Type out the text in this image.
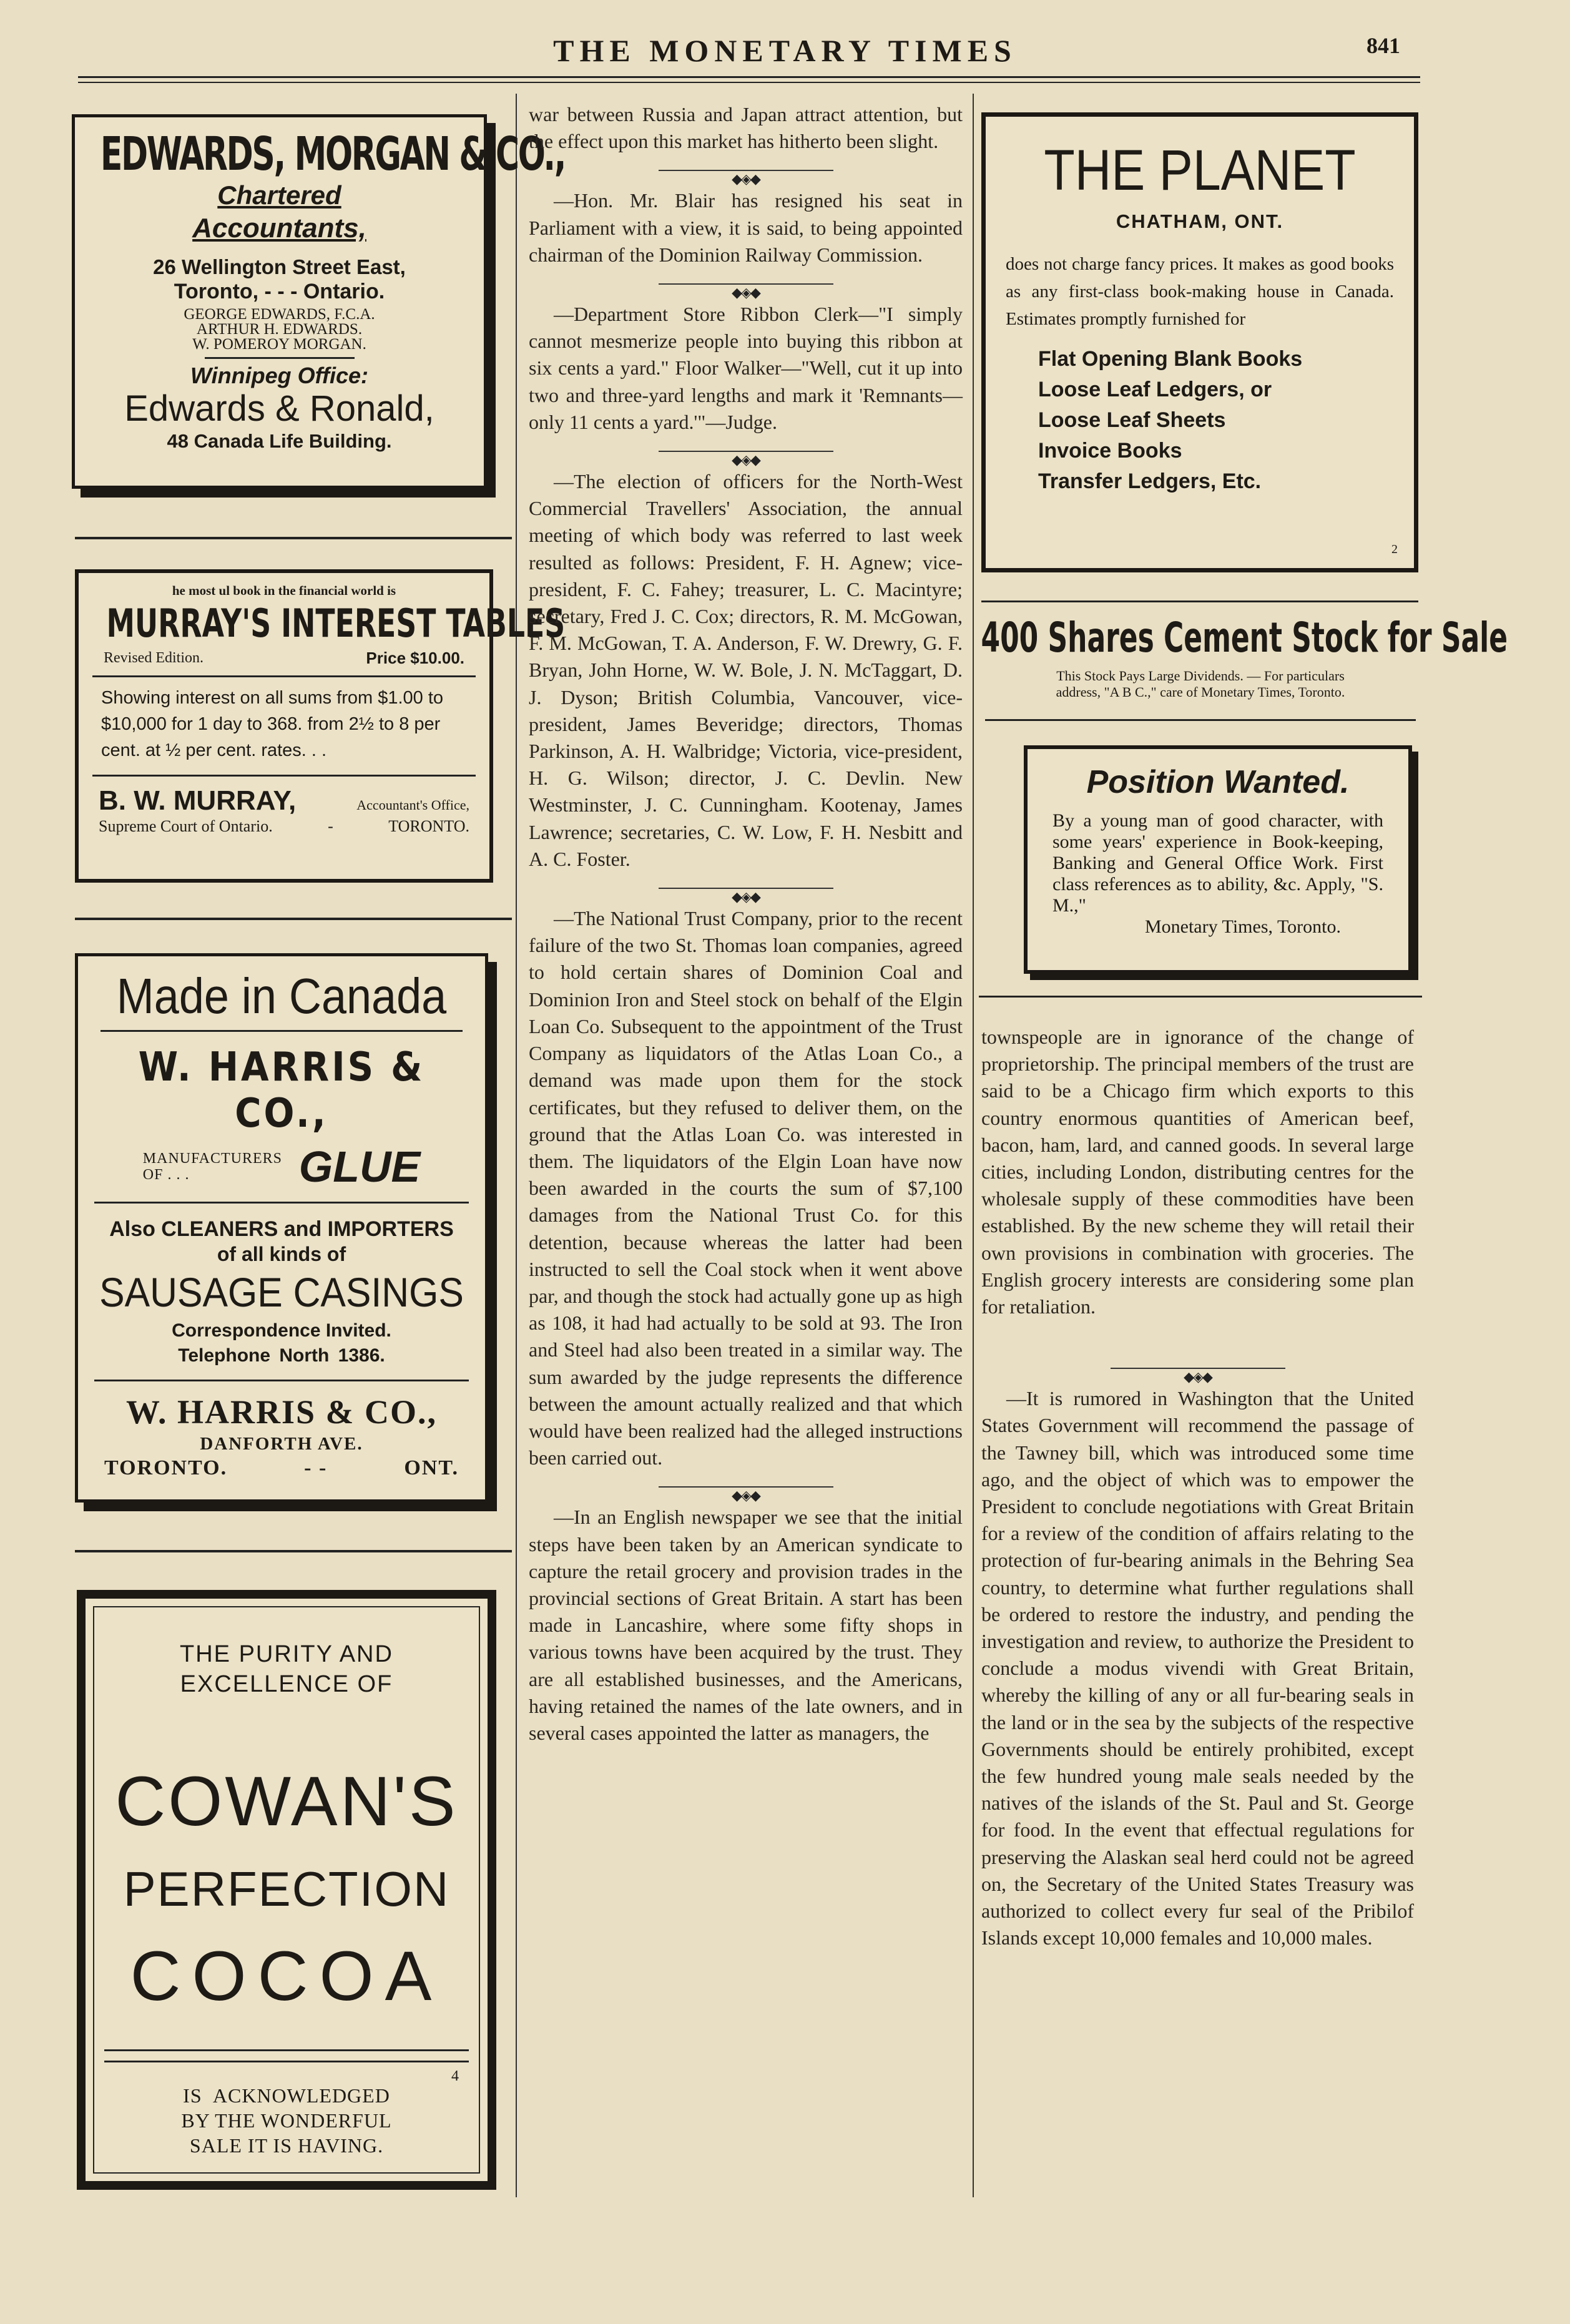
THE MONETARY TIMES	841
EDWARDS, MORGAN & CO.,
Chartered
Accountants,
26 Wellington Street East,
Toronto, - - - Ontario.
GEORGE EDWARDS, F.C.A.
ARTHUR H. EDWARDS.
W. POMEROY MORGAN.
Winnipeg Office:
Edwards & Ronald,
48 Canada Life Building.
he most ul book in the financial world is
MURRAY'S INTEREST TABLES
Revised Edition.	Price $10.00.
Showing interest on all sums from $1.00 to $10,000 for 1 day to 368. from 2½ to 8 per cent. at ½ per cent. rates. . .
B. W. MURRAY,	Accountant's Office,
Supreme Court of Ontario.	-	TORONTO.
Made in Canada
W. HARRIS & CO.,
MANUFACTURERS OF . . .	GLUE
Also CLEANERS and IMPORTERS
of all kinds of
SAUSAGE CASINGS
Correspondence Invited.
Telephone North 1386.
W. HARRIS & CO.,
DANFORTH AVE.
TORONTO.	- -	ONT.
THE PURITY AND
EXCELLENCE OF
COWAN'S
PERFECTION
COCOA
4
IS ACKNOWLEDGED
BY THE WONDERFUL
SALE IT IS HAVING.

war between Russia and Japan attract attention, but the effect upon this market has hitherto been slight.

◆◈◆

—Hon. Mr. Blair has resigned his seat in Parliament with a view, it is said, to being appointed chairman of the Dominion Railway Commission.

◆◈◆

—Department Store Ribbon Clerk—"I simply cannot mesmerize people into buying this ribbon at six cents a yard." Floor Walker—"Well, cut it up into two and three-yard lengths and mark it 'Remnants—only 11 cents a yard.'"—Judge.

◆◈◆

—The election of officers for the North-West Commercial Travellers' Association, the annual meeting of which body was referred to last week resulted as follows: President, F. H. Agnew; vice-president, F. C. Fahey; treasurer, L. C. Macintyre; secretary, Fred J. C. Cox; directors, R. M. McGowan, F. M. McGowan, T. A. Anderson, F. W. Drewry, G. F. Bryan, John Horne, W. W. Bole, J. N. McTaggart, D. J. Dyson; British Columbia, Vancouver, vice-president, James Beveridge; directors, Thomas Parkinson, A. H. Walbridge; Victoria, vice-president, H. G. Wilson; director, J. C. Devlin. New Westminster, J. C. Cunningham. Kootenay, James Lawrence; secretaries, C. W. Low, F. H. Nesbitt and A. C. Foster.

◆◈◆

—The National Trust Company, prior to the recent failure of the two St. Thomas loan companies, agreed to hold certain shares of Dominion Coal and Dominion Iron and Steel stock on behalf of the Elgin Loan Co. Subsequent to the appointment of the Trust Company as liquidators of the Atlas Loan Co., a demand was made upon them for the stock certificates, but they refused to deliver them, on the ground that the Atlas Loan Co. was interested in them. The liquidators of the Elgin Loan have now been awarded in the courts the sum of $7,100 damages from the National Trust Co. for this detention, because whereas the latter had been instructed to sell the Coal stock when it went above par, and though the stock had actually gone up as high as 108, it had had actually to be sold at 93. The Iron and Steel had also been treated in a similar way. The sum awarded by the judge represents the difference between the amount actually realized and that which would have been realized had the alleged instructions been carried out.

◆◈◆

—In an English newspaper we see that the initial steps have been taken by an American syndicate to capture the retail grocery and provision trades in the provincial sections of Great Britain. A start has been made in Lancashire, where some fifty shops in various towns have been acquired by the trust. They are all established businesses, and the Americans, having retained the names of the late owners, and in several cases appointed the latter as managers, the

THE PLANET
CHATHAM, ONT.
does not charge fancy prices. It makes as good books as any first-class book-making house in Canada. Estimates promptly furnished for
Flat Opening Blank Books
Loose Leaf Ledgers, or
Loose Leaf Sheets
Invoice Books
Transfer Ledgers, Etc.
2
400 Shares Cement Stock for Sale
This Stock Pays Large Dividends. — For particulars
address, "A B C.," care of Monetary Times, Toronto.
Position Wanted.
By a young man of good character, with some years' experience in Book-keeping, Banking and General Office Work. First class references as to ability, &c. Apply, "S. M.,"
Monetary Times, Toronto.

townspeople are in ignorance of the change of proprietorship. The principal members of the trust are said to be a Chicago firm which exports to this country enormous quantities of American beef, bacon, ham, lard, and canned goods. In several large cities, including London, distributing centres for the wholesale supply of these commodities have been established. By the new scheme they will retail their own provisions in combination with groceries. The English grocery interests are considering some plan for retaliation.

◆◈◆

—It is rumored in Washington that the United States Government will recommend the passage of the Tawney bill, which was introduced some time ago, and the object of which was to empower the President to conclude negotiations with Great Britain for a review of the condition of affairs relating to the protection of fur-bearing animals in the Behring Sea country, to determine what further regulations shall be ordered to restore the industry, and pending the investigation and review, to authorize the President to conclude a modus vivendi with Great Britain, whereby the killing of any or all fur-bearing seals in the land or in the sea by the subjects of the respective Governments should be entirely prohibited, except the few hundred young male seals needed by the natives of the islands of the St. Paul and St. George for food. In the event that effectual regulations for preserving the Alaskan seal herd could not be agreed on, the Secretary of the United States Treasury was authorized to collect every fur seal of the Pribilof Islands except 10,000 females and 10,000 males.
